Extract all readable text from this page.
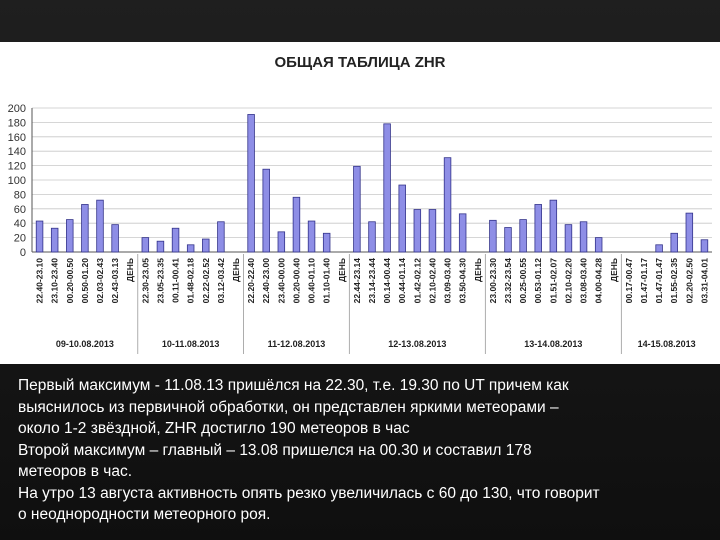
ОБЩАЯ ТАБЛИЦА ZHR
0
20
40
60
80
100
120
140
160
180
200
22.40-23.10 23.10-23.40 00.20-00.50 00.50-01.20 02.03-02.43 02.43-03.13 ДЕНЬ 22.30-23.05 23.05-23.35 00.11-00.41 01.48-02.18 02.22-02.52 03.12-03.42 ДЕНЬ 22.20-22.40 22.40-23.00 23.40-00.00 00.20-00.40 00.40-01.10 01.10-01.40 ДЕНЬ 22.44-23.14 23.14-23.44 00.14-00.44 00.44-01.14 01.42-02.12 02.10-02.40 03.09-03.40 03.50-04.30 ДЕНЬ 23.00-23.30 23.32-23.54 00.25-00.55 00.53-01.12 01.51-02.07 02.10-02.20 03.08-03.40 04.00-04.28 ДЕНЬ 00.17-00.47 01.47-01.17 01.47-01.47 01.55-02.35 02.20-02.50 03.31-04.01
09-10.08.2013	10-11.08.2013	11-12.08.2013	12-13.08.2013	13-14.08.2013	14-15.08.2013
Первый максимум - 11.08.13 пришёлся на 22.30, т.е. 19.30 по UT причем как
выяснилось из первичной обработки, он представлен яркими метеорами –
около 1-2 звёздной, ZHR достигло 190 метеоров в час
Второй максимум – главный – 13.08 пришелся на 00.30 и составил 178
метеоров в час.
На утро 13 августа активность опять резко увеличилась с 60 до 130, что говорит
о неоднородности метеорного роя.
